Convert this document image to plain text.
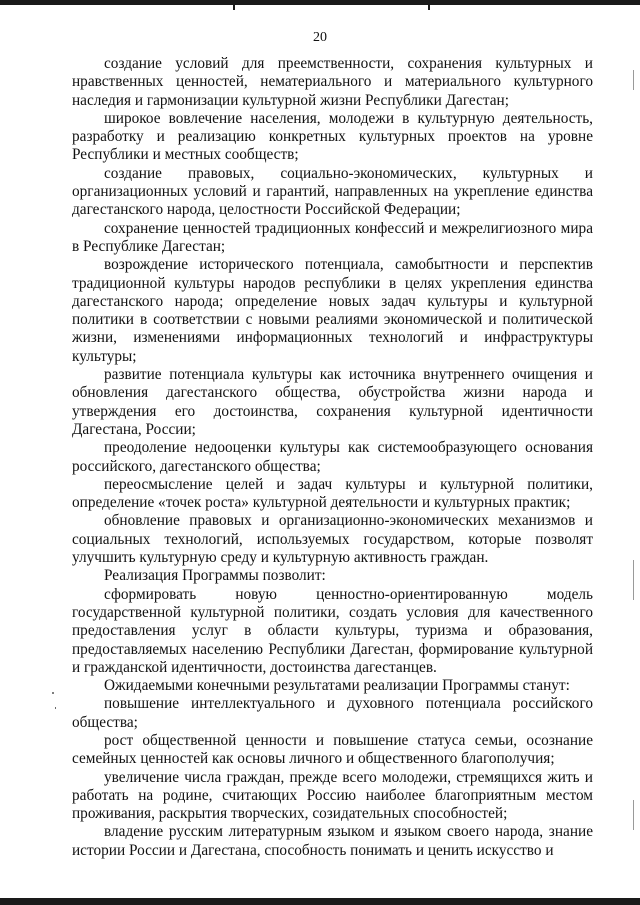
20

создание условий для преемственности, сохранения культурных и нравственных ценностей, нематериального и материального культурного наследия и гармонизации культурной жизни Республики Дагестан;

широкое вовлечение населения, молодежи в культурную деятельность, разработку и реализацию конкретных культурных проектов на уровне Республики и местных сообществ;

создание правовых, социально-экономических, культурных и организационных условий и гарантий, направленных на укрепление единства дагестанского народа, целостности Российской Федерации;

сохранение ценностей традиционных конфессий и межрелигиозного мира в Республике Дагестан;

возрождение исторического потенциала, самобытности и перспектив традиционной культуры народов республики в целях укрепления единства дагестанского народа; определение новых задач культуры и культурной политики в соответствии с новыми реалиями экономической и политической жизни, изменениями информационных технологий и инфраструктуры культуры;

развитие потенциала культуры как источника внутреннего очищения и обновления дагестанского общества, обустройства жизни народа и утверждения его достоинства, сохранения культурной идентичности Дагестана, России;

преодоление недооценки культуры как системообразующего основания российского, дагестанского общества;

переосмысление целей и задач культуры и культурной политики, определение «точек роста» культурной деятельности и культурных практик;

обновление правовых и организационно-экономических механизмов и социальных технологий, используемых государством, которые позволят улучшить культурную среду и культурную активность граждан.

Реализация Программы позволит:

сформировать новую ценностно-ориентированную модель государственной культурной политики, создать условия для качественного предоставления услуг в области культуры, туризма и образования, предоставляемых населению Республики Дагестан, формирование культурной и гражданской идентичности, достоинства дагестанцев.

Ожидаемыми конечными результатами реализации Программы станут:

повышение интеллектуального и духовного потенциала российского общества;

рост общественной ценности и повышение статуса семьи, осознание семейных ценностей как основы личного и общественного благополучия;

увеличение числа граждан, прежде всего молодежи, стремящихся жить и работать на родине, считающих Россию наиболее благоприятным местом проживания, раскрытия творческих, созидательных способностей;

владение русским литературным языком и языком своего народа, знание истории России и Дагестана, способность понимать и ценить искусство и
